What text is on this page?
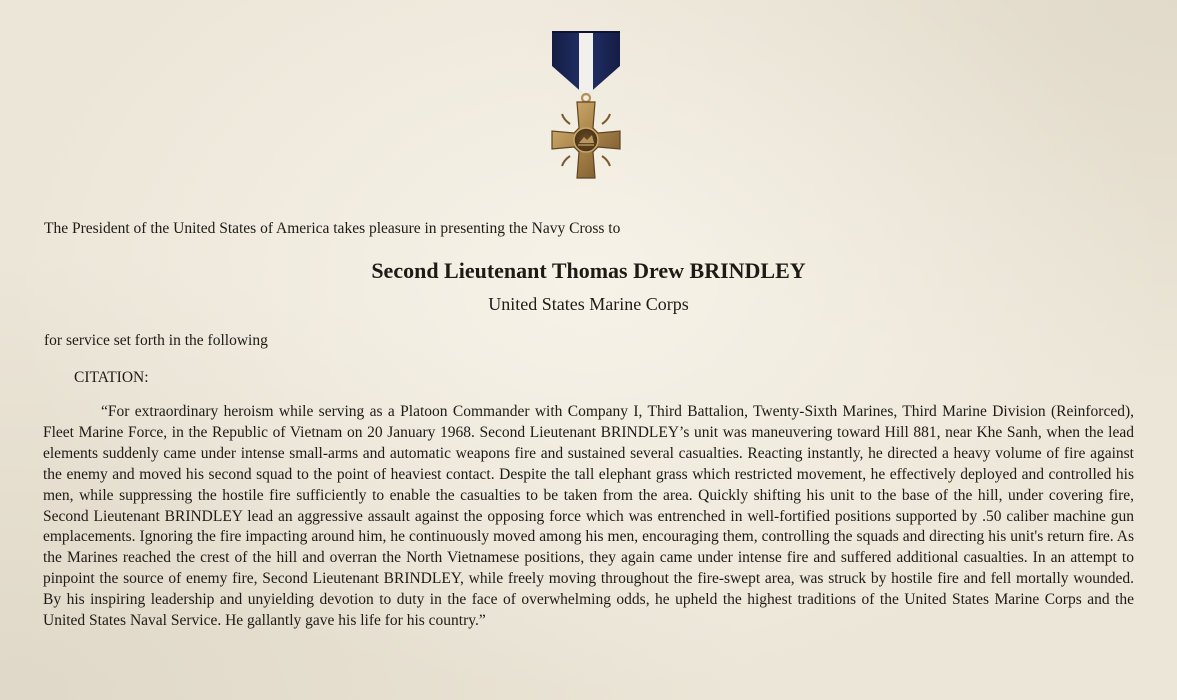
The President of the United States of America takes pleasure in presenting the Navy Cross to

Second Lieutenant Thomas Drew BRINDLEY

United States Marine Corps

for service set forth in the following

CITATION:

“For extraordinary heroism while serving as a Platoon Commander with Company I, Third Battalion, Twenty-Sixth Marines, Third Marine Division (Reinforced), Fleet Marine Force, in the Republic of Vietnam on 20 January 1968. Second Lieutenant BRINDLEY’s unit was maneuvering toward Hill 881, near Khe Sanh, when the lead elements suddenly came under intense small-arms and automatic weapons fire and sustained several casualties. Reacting instantly, he directed a heavy volume of fire against the enemy and moved his second squad to the point of heaviest contact. Despite the tall elephant grass which restricted movement, he effectively deployed and controlled his men, while suppressing the hostile fire sufficiently to enable the casualties to be taken from the area. Quickly shifting his unit to the base of the hill, under covering fire, Second Lieutenant BRINDLEY lead an aggressive assault against the opposing force which was entrenched in well-fortified positions supported by .50 caliber machine gun emplacements. Ignoring the fire impacting around him, he continuously moved among his men, encouraging them, controlling the squads and directing his unit's return fire. As the Marines reached the crest of the hill and overran the North Vietnamese positions, they again came under intense fire and suffered additional casualties. In an attempt to pinpoint the source of enemy fire, Second Lieutenant BRINDLEY, while freely moving throughout the fire-swept area, was struck by hostile fire and fell mortally wounded. By his inspiring leadership and unyielding devotion to duty in the face of overwhelming odds, he upheld the highest traditions of the United States Marine Corps and the United States Naval Service. He gallantly gave his life for his country.”
